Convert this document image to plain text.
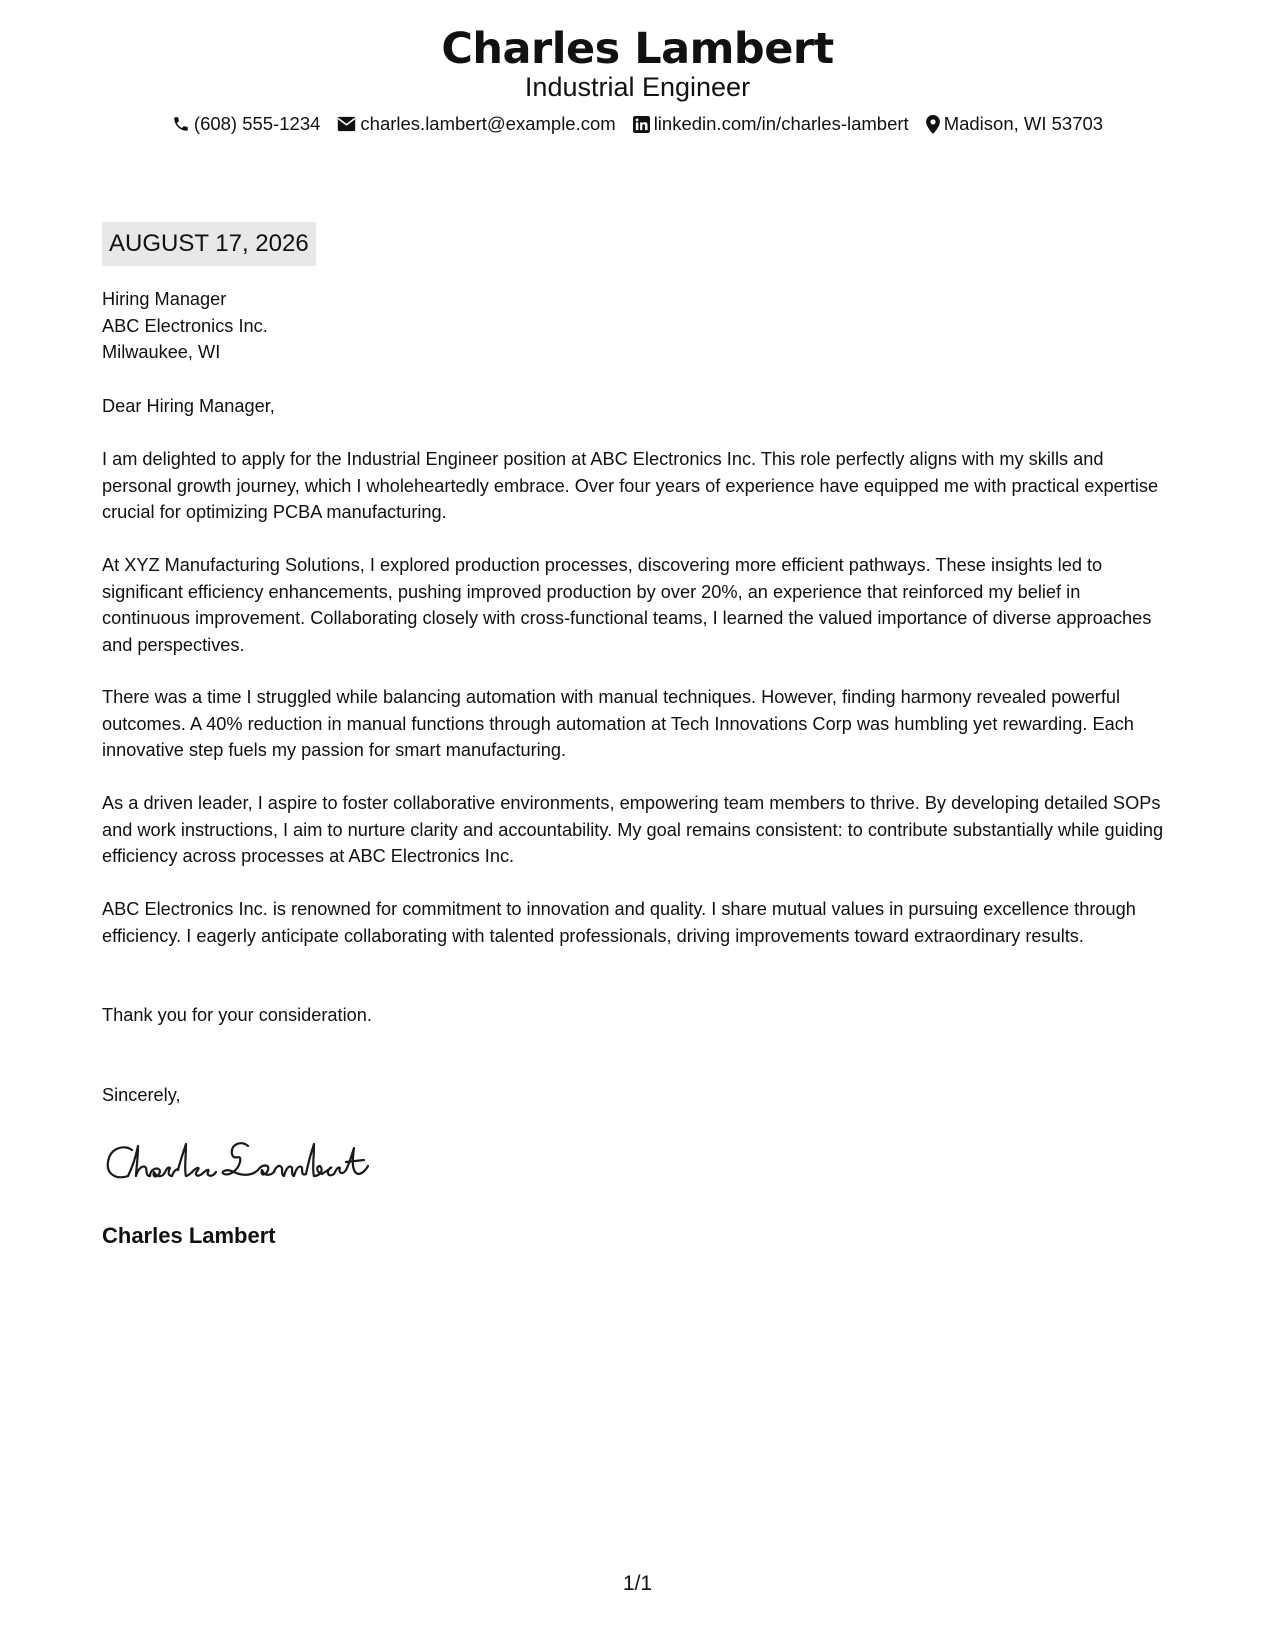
Charles Lambert
Industrial Engineer
(608) 555-1234 charles.lambert@example.com linkedin.com/in/charles-lambert Madison, WI 53703
AUGUST 17, 2026
Hiring Manager
ABC Electronics Inc.
Milwaukee, WI
Dear Hiring Manager,
I am delighted to apply for the Industrial Engineer position at ABC Electronics Inc. This role perfectly aligns with my skills and personal growth journey, which I wholeheartedly embrace. Over four years of experience have equipped me with practical expertise crucial for optimizing PCBA manufacturing.
At XYZ Manufacturing Solutions, I explored production processes, discovering more efficient pathways. These insights led to significant efficiency enhancements, pushing improved production by over 20%, an experience that reinforced my belief in continuous improvement. Collaborating closely with cross-functional teams, I learned the valued importance of diverse approaches and perspectives.
There was a time I struggled while balancing automation with manual techniques. However, finding harmony revealed powerful outcomes. A 40% reduction in manual functions through automation at Tech Innovations Corp was humbling yet rewarding. Each innovative step fuels my passion for smart manufacturing.
As a driven leader, I aspire to foster collaborative environments, empowering team members to thrive. By developing detailed SOPs and work instructions, I aim to nurture clarity and accountability. My goal remains consistent: to contribute substantially while guiding efficiency across processes at ABC Electronics Inc.
ABC Electronics Inc. is renowned for commitment to innovation and quality. I share mutual values in pursuing excellence through efficiency. I eagerly anticipate collaborating with talented professionals, driving improvements toward extraordinary results.
Thank you for your consideration.
Sincerely,
Charles Lambert
1/1
